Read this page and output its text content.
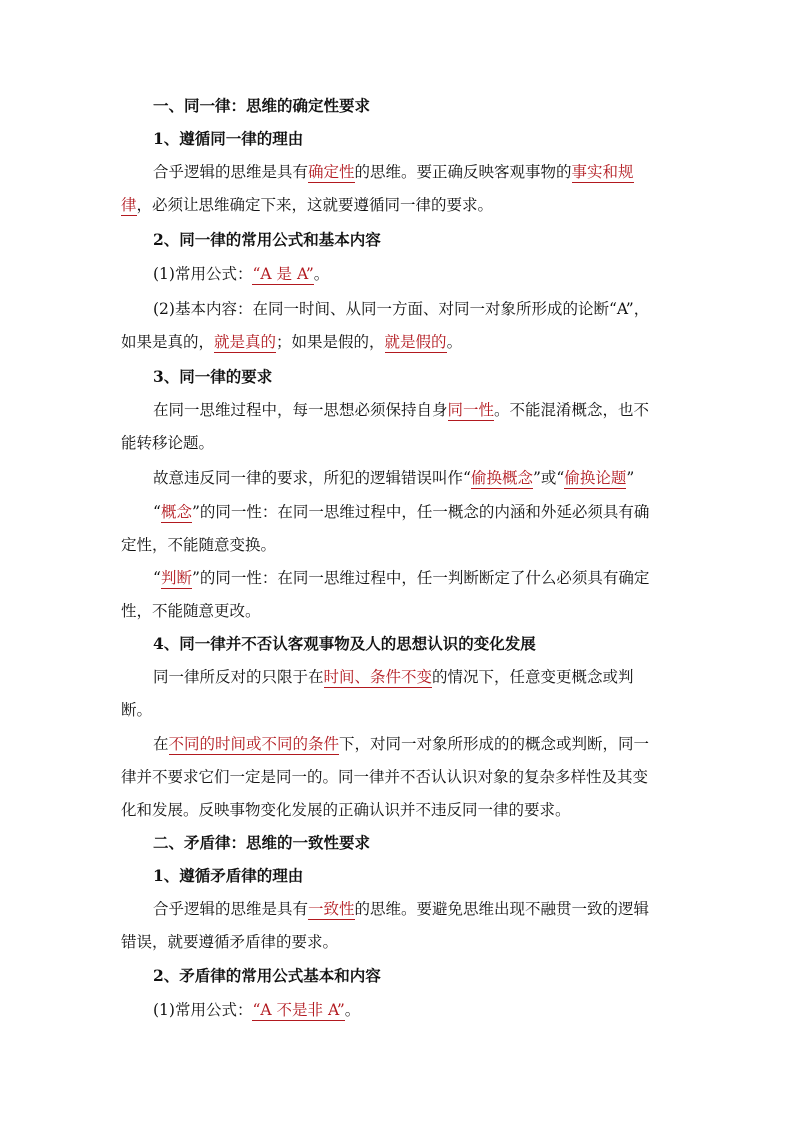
一、同一律：思维的确定性要求
1、遵循同一律的理由
合乎逻辑的思维是具有确定性的思维。要正确反映客观事物的事实和规
律，必须让思维确定下来，这就要遵循同一律的要求。
2、同一律的常用公式和基本内容
(1)常用公式：“A 是 A”。
(2)基本内容：在同一时间、从同一方面、对同一对象所形成的论断“A”，
如果是真的，就是真的；如果是假的，就是假的。
3、同一律的要求
在同一思维过程中，每一思想必须保持自身同一性。不能混淆概念，也不
能转移论题。
故意违反同一律的要求，所犯的逻辑错误叫作“偷换概念”或“偷换论题”
“概念”的同一性：在同一思维过程中，任一概念的内涵和外延必须具有确
定性，不能随意变换。
“判断”的同一性：在同一思维过程中，任一判断断定了什么必须具有确定
性，不能随意更改。
4、同一律并不否认客观事物及人的思想认识的变化发展
同一律所反对的只限于在时间、条件不变的情况下，任意变更概念或判
断。
在不同的时间或不同的条件下，对同一对象所形成的的概念或判断，同一
律并不要求它们一定是同一的。同一律并不否认认识对象的复杂多样性及其变
化和发展。反映事物变化发展的正确认识并不违反同一律的要求。
二、矛盾律：思维的一致性要求
1、遵循矛盾律的理由
合乎逻辑的思维是具有一致性的思维。要避免思维出现不融贯一致的逻辑
错误，就要遵循矛盾律的要求。
2、矛盾律的常用公式基本和内容
(1)常用公式：“A 不是非 A”。
